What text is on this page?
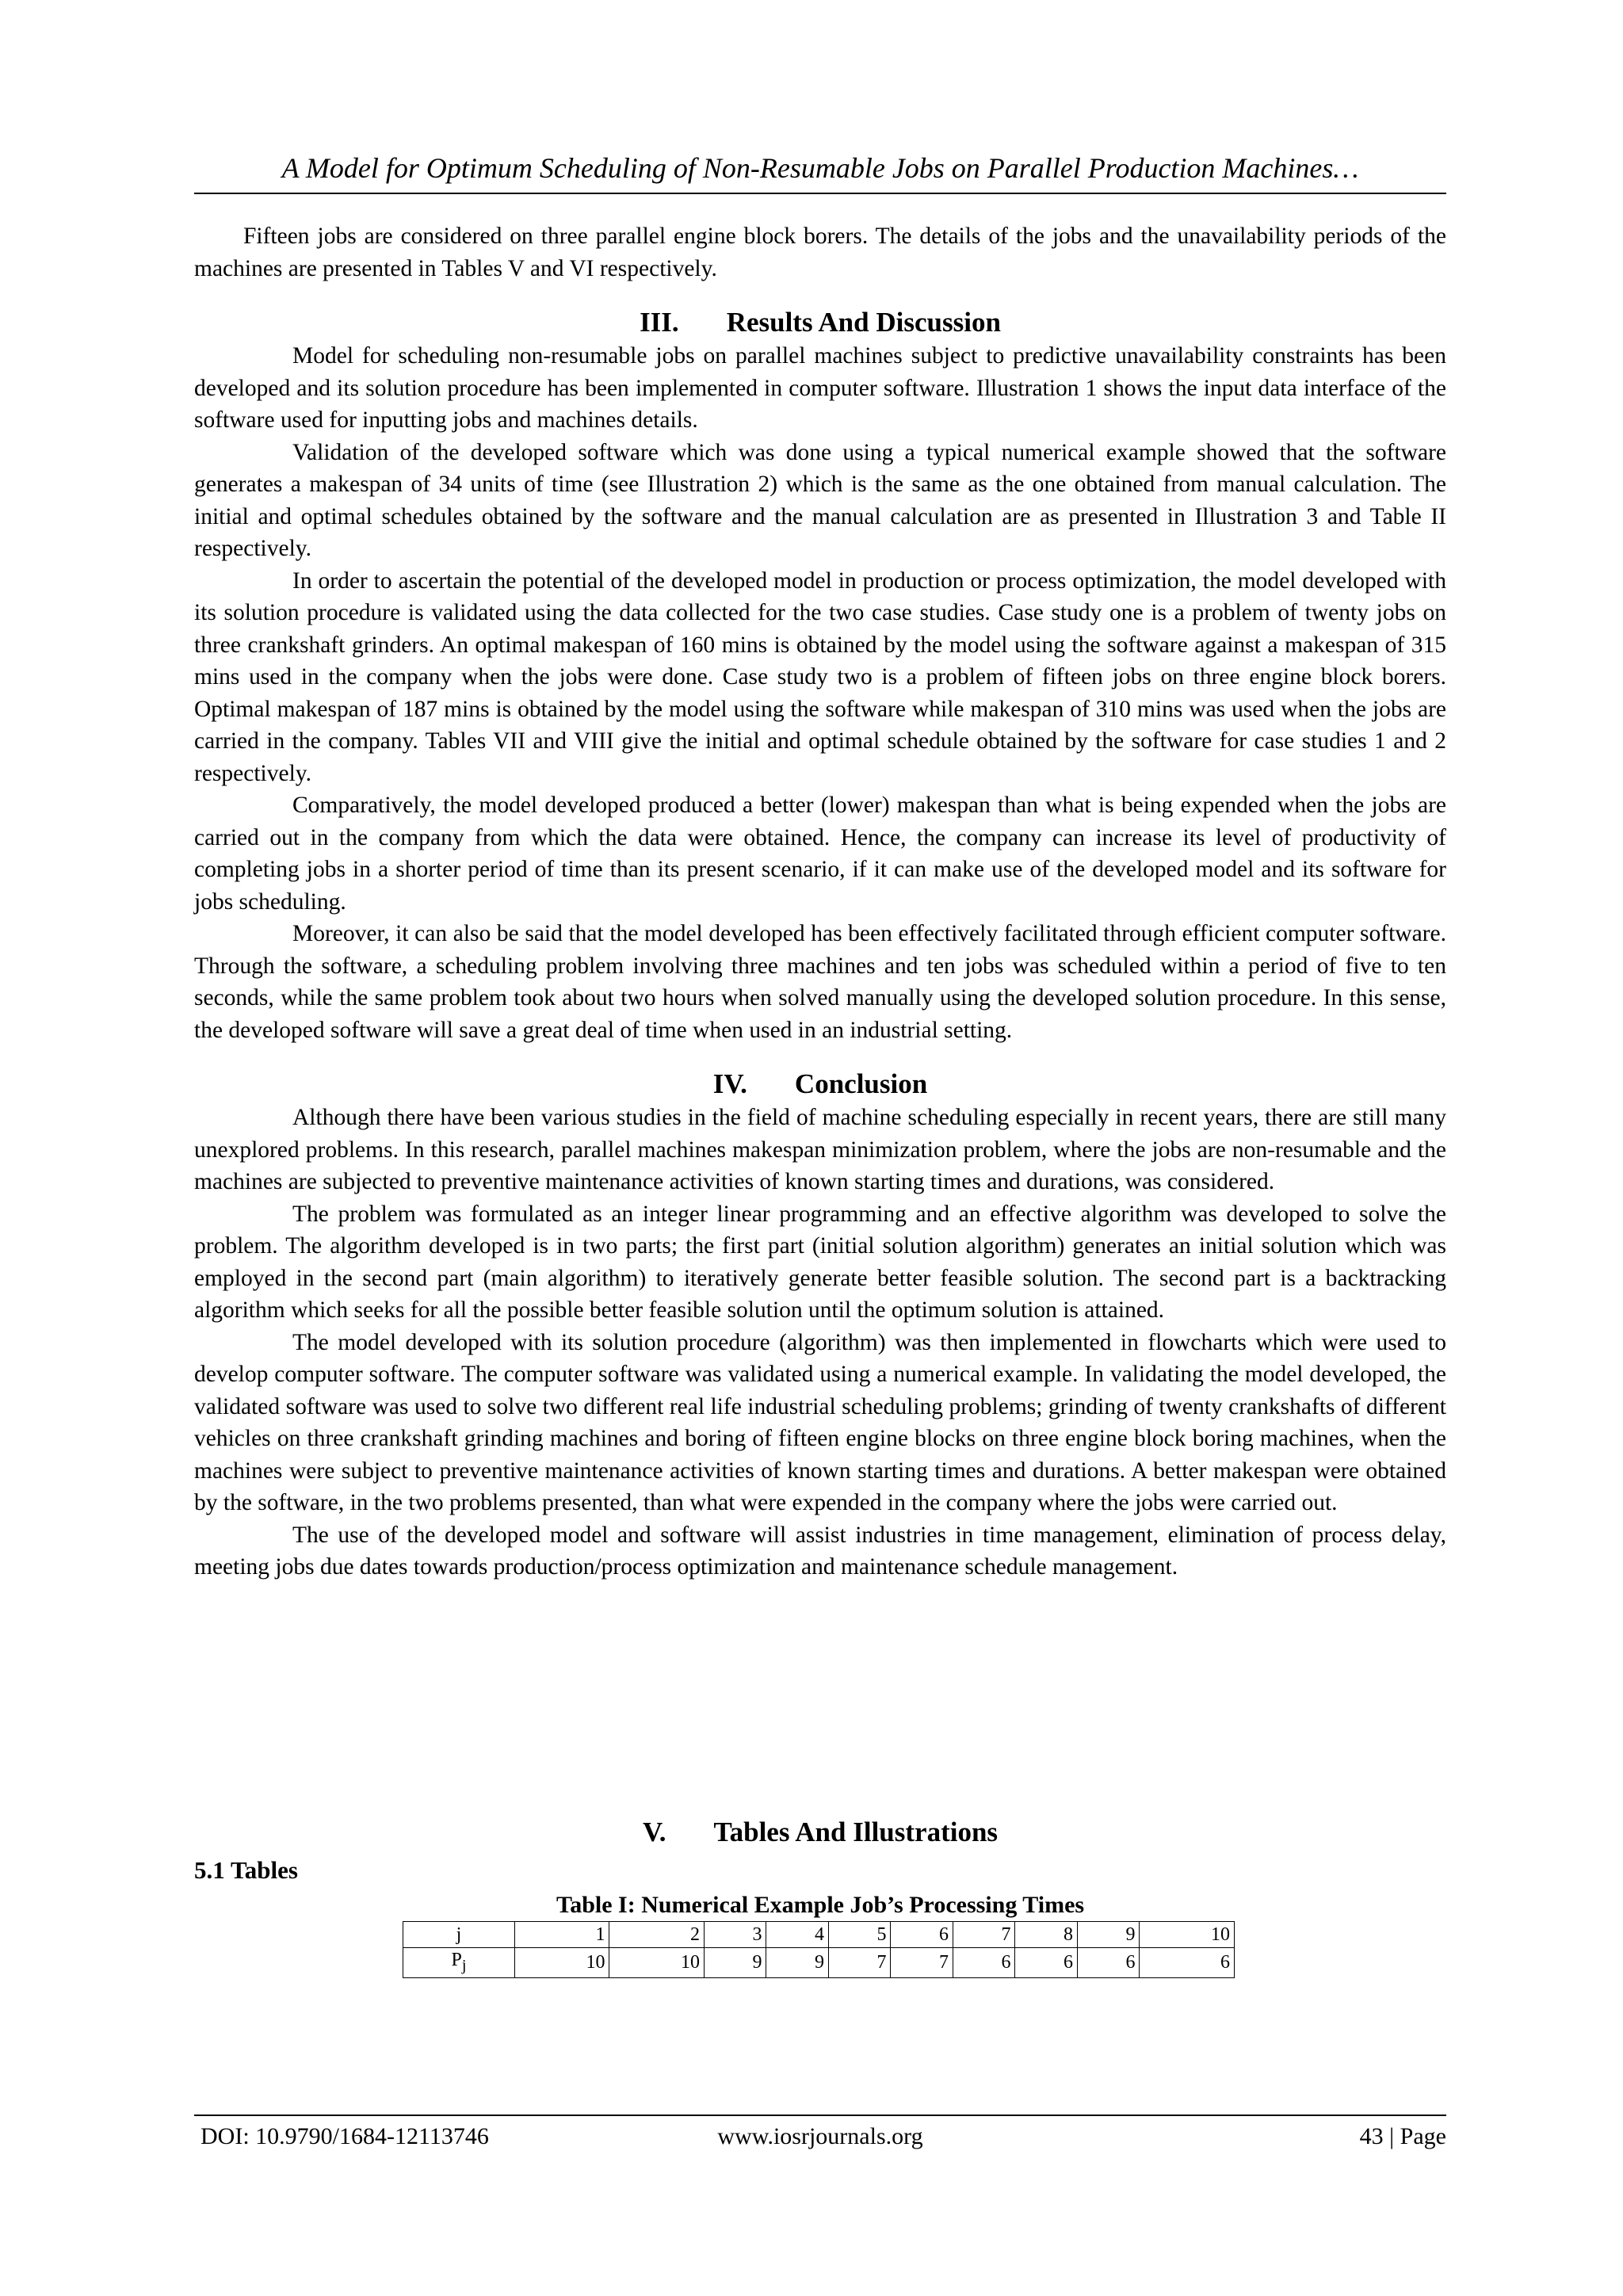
A Model for Optimum Scheduling of Non-Resumable Jobs on Parallel Production Machines…

Fifteen jobs are considered on three parallel engine block borers. The details of the jobs and the unavailability periods of the machines are presented in Tables V and VI respectively.

III. Results And Discussion

Model for scheduling non-resumable jobs on parallel machines subject to predictive unavailability constraints has been developed and its solution procedure has been implemented in computer software. Illustration 1 shows the input data interface of the software used for inputting jobs and machines details.

Validation of the developed software which was done using a typical numerical example showed that the software generates a makespan of 34 units of time (see Illustration 2) which is the same as the one obtained from manual calculation. The initial and optimal schedules obtained by the software and the manual calculation are as presented in Illustration 3 and Table II respectively.

In order to ascertain the potential of the developed model in production or process optimization, the model developed with its solution procedure is validated using the data collected for the two case studies. Case study one is a problem of twenty jobs on three crankshaft grinders. An optimal makespan of 160 mins is obtained by the model using the software against a makespan of 315 mins used in the company when the jobs were done. Case study two is a problem of fifteen jobs on three engine block borers. Optimal makespan of 187 mins is obtained by the model using the software while makespan of 310 mins was used when the jobs are carried in the company. Tables VII and VIII give the initial and optimal schedule obtained by the software for case studies 1 and 2 respectively.

Comparatively, the model developed produced a better (lower) makespan than what is being expended when the jobs are carried out in the company from which the data were obtained. Hence, the company can increase its level of productivity of completing jobs in a shorter period of time than its present scenario, if it can make use of the developed model and its software for jobs scheduling.

Moreover, it can also be said that the model developed has been effectively facilitated through efficient computer software. Through the software, a scheduling problem involving three machines and ten jobs was scheduled within a period of five to ten seconds, while the same problem took about two hours when solved manually using the developed solution procedure. In this sense, the developed software will save a great deal of time when used in an industrial setting.

IV. Conclusion

Although there have been various studies in the field of machine scheduling especially in recent years, there are still many unexplored problems. In this research, parallel machines makespan minimization problem, where the jobs are non-resumable and the machines are subjected to preventive maintenance activities of known starting times and durations, was considered.

The problem was formulated as an integer linear programming and an effective algorithm was developed to solve the problem. The algorithm developed is in two parts; the first part (initial solution algorithm) generates an initial solution which was employed in the second part (main algorithm) to iteratively generate better feasible solution. The second part is a backtracking algorithm which seeks for all the possible better feasible solution until the optimum solution is attained.

The model developed with its solution procedure (algorithm) was then implemented in flowcharts which were used to develop computer software. The computer software was validated using a numerical example. In validating the model developed, the validated software was used to solve two different real life industrial scheduling problems; grinding of twenty crankshafts of different vehicles on three crankshaft grinding machines and boring of fifteen engine blocks on three engine block boring machines, when the machines were subject to preventive maintenance activities of known starting times and durations. A better makespan were obtained by the software, in the two problems presented, than what were expended in the company where the jobs were carried out.

The use of the developed model and software will assist industries in time management, elimination of process delay, meeting jobs due dates towards production/process optimization and maintenance schedule management.

V. Tables And Illustrations
5.1 Tables
Table I: Numerical Example Job’s Processing Times
j	1	2	3	4	5	6	7	8	9	10
$P_j$	10	10	9	9	7	7	6	6	6	6
DOI: 10.9790/1684-12113746	www.iosrjournals.org	43 | Page
